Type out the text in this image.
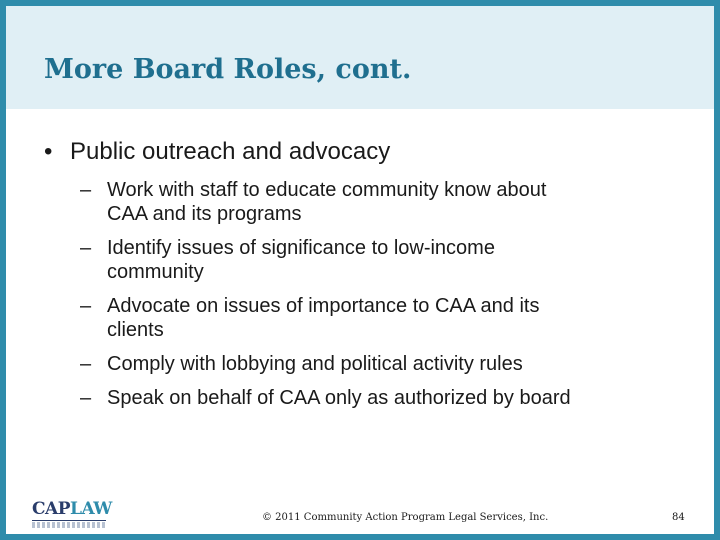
More Board Roles, cont.
• Public outreach and advocacy
– Work with staff to educate community know about
CAA and its programs
– Identify issues of significance to low-income
community
– Advocate on issues of importance to CAA and its
clients
– Comply with lobbying and political activity rules
– Speak on behalf of CAA only as authorized by board
CAPLAW	© 2011 Community Action Program Legal Services, Inc.	84
